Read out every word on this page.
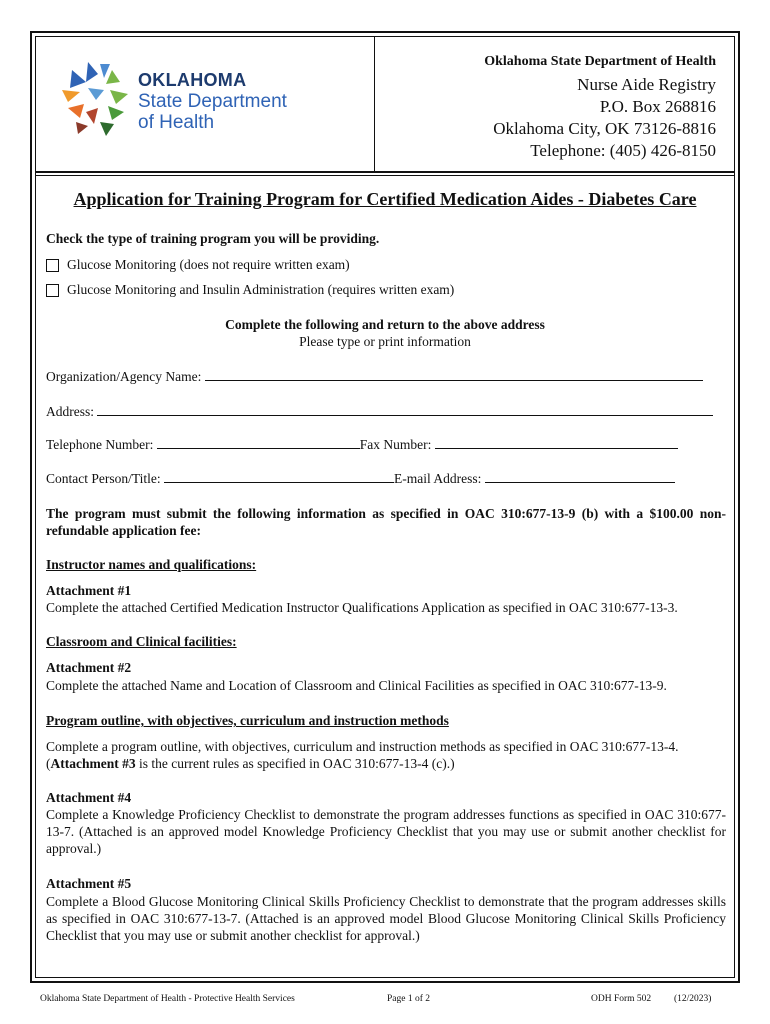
OKLAHOMA
State Department
of Health
Oklahoma State Department of Health
Nurse Aide Registry
P.O. Box 268816
Oklahoma City, OK 73126-8816
Telephone: (405) 426-8150
Application for Training Program for Certified Medication Aides - Diabetes Care
Check the type of training program you will be providing.
Glucose Monitoring (does not require written exam)
Glucose Monitoring and Insulin Administration (requires written exam)
Complete the following and return to the above address
Please type or print information
Organization/Agency Name:
Address:
Telephone Number:	Fax Number:
Contact Person/Title:	E-mail Address:
The program must submit the following information as specified in OAC 310:677-13-9 (b) with a $100.00 non-refundable application fee:
Instructor names and qualifications:
Attachment #1
Complete the attached Certified Medication Instructor Qualifications Application as specified in OAC 310:677-13-3.
Classroom and Clinical facilities:
Attachment #2
Complete the attached Name and Location of Classroom and Clinical Facilities as specified in OAC 310:677-13-9.
Program outline, with objectives, curriculum and instruction methods
Complete a program outline, with objectives, curriculum and instruction methods as specified in OAC 310:677-13-4.
(Attachment #3 is the current rules as specified in OAC 310:677-13-4 (c).)
Attachment #4
Complete a Knowledge Proficiency Checklist to demonstrate the program addresses functions as specified in OAC 310:677-13-7. (Attached is an approved model Knowledge Proficiency Checklist that you may use or submit another checklist for approval.)
Attachment #5
Complete a Blood Glucose Monitoring Clinical Skills Proficiency Checklist to demonstrate that the program addresses skills as specified in OAC 310:677-13-7. (Attached is an approved model Blood Glucose Monitoring Clinical Skills Proficiency Checklist that you may use or submit another checklist for approval.)
Oklahoma State Department of Health - Protective Health Services	Page 1 of 2	ODH Form 502 (12/2023)
